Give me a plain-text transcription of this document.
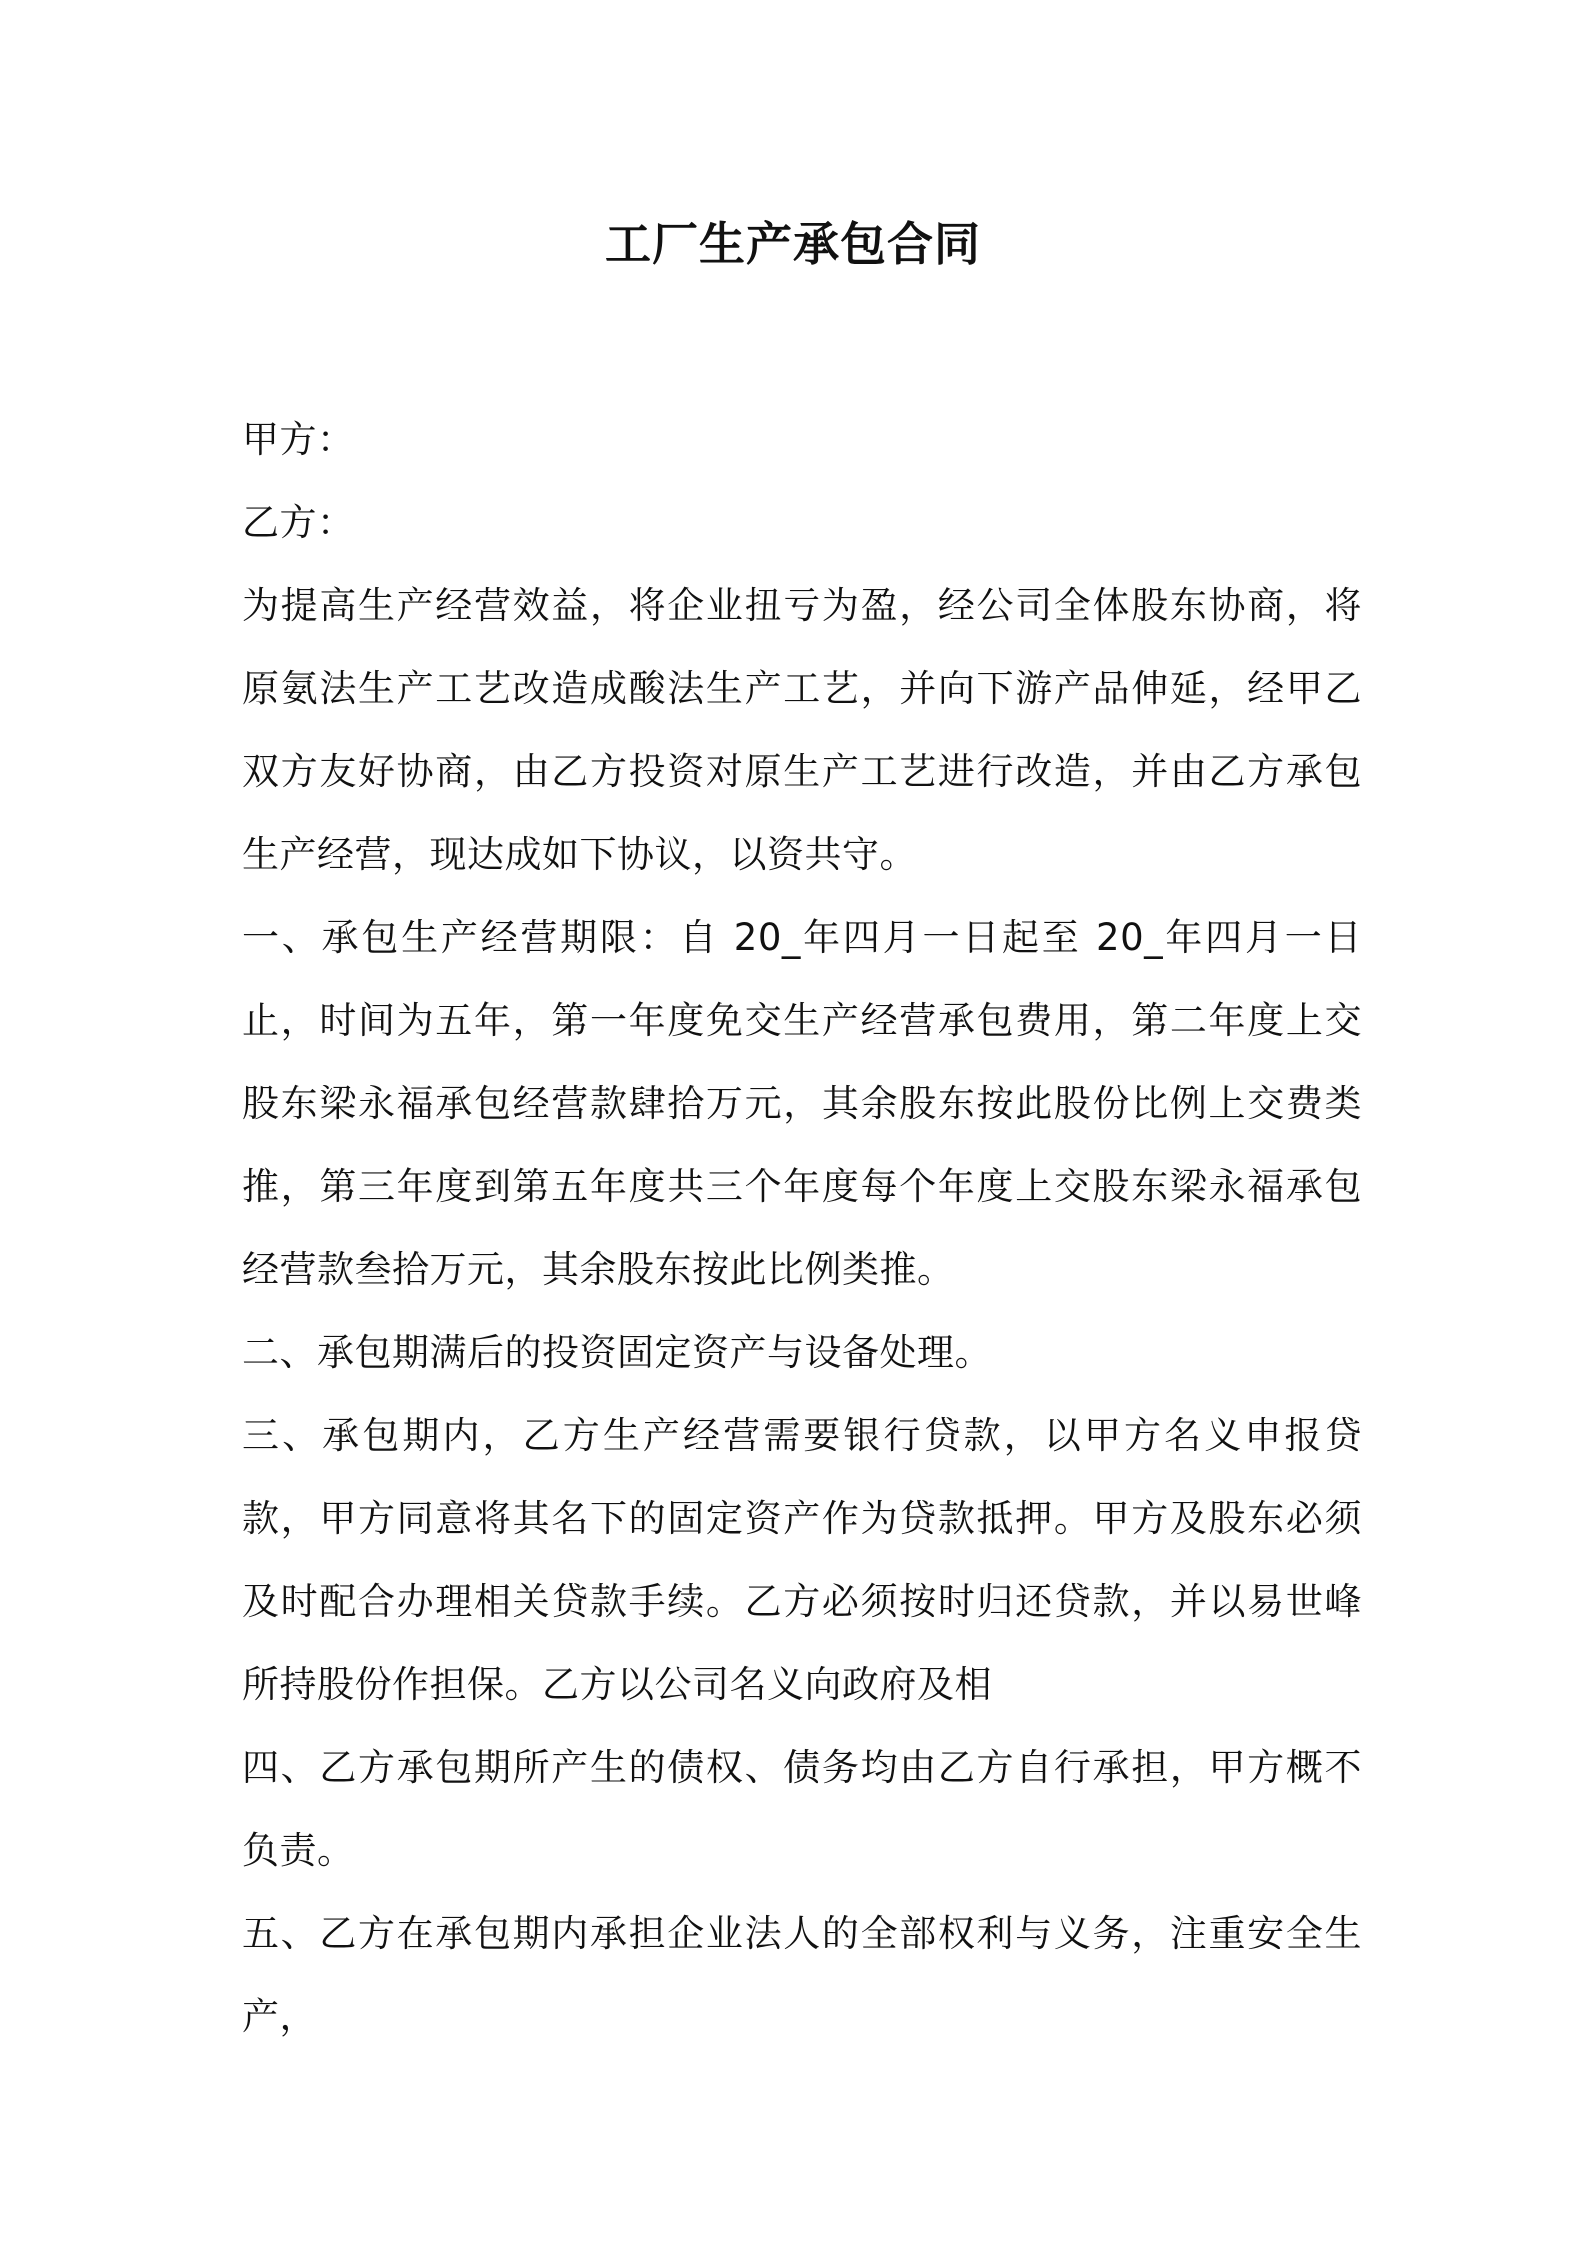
工厂生产承包合同

甲方：

乙方：

为提高生产经营效益，将企业扭亏为盈，经公司全体股东协商，将原氨法生产工艺改造成酸法生产工艺，并向下游产品伸延，经甲乙双方友好协商，由乙方投资对原生产工艺进行改造，并由乙方承包生产经营，现达成如下协议，以资共守。

一、承包生产经营期限：自 20_年四月一日起至 20_年四月一日止，时间为五年，第一年度免交生产经营承包费用，第二年度上交股东梁永福承包经营款肆拾万元，其余股东按此股份比例上交费类推，第三年度到第五年度共三个年度每个年度上交股东梁永福承包经营款叁拾万元，其余股东按此比例类推。

二、承包期满后的投资固定资产与设备处理。

三、承包期内，乙方生产经营需要银行贷款，以甲方名义申报贷款，甲方同意将其名下的固定资产作为贷款抵押。甲方及股东必须及时配合办理相关贷款手续。乙方必须按时归还贷款，并以易世峰所持股份作担保。乙方以公司名义向政府及相

四、乙方承包期所产生的债权、债务均由乙方自行承担，甲方概不负责。

五、乙方在承包期内承担企业法人的全部权利与义务，注重安全生产，
